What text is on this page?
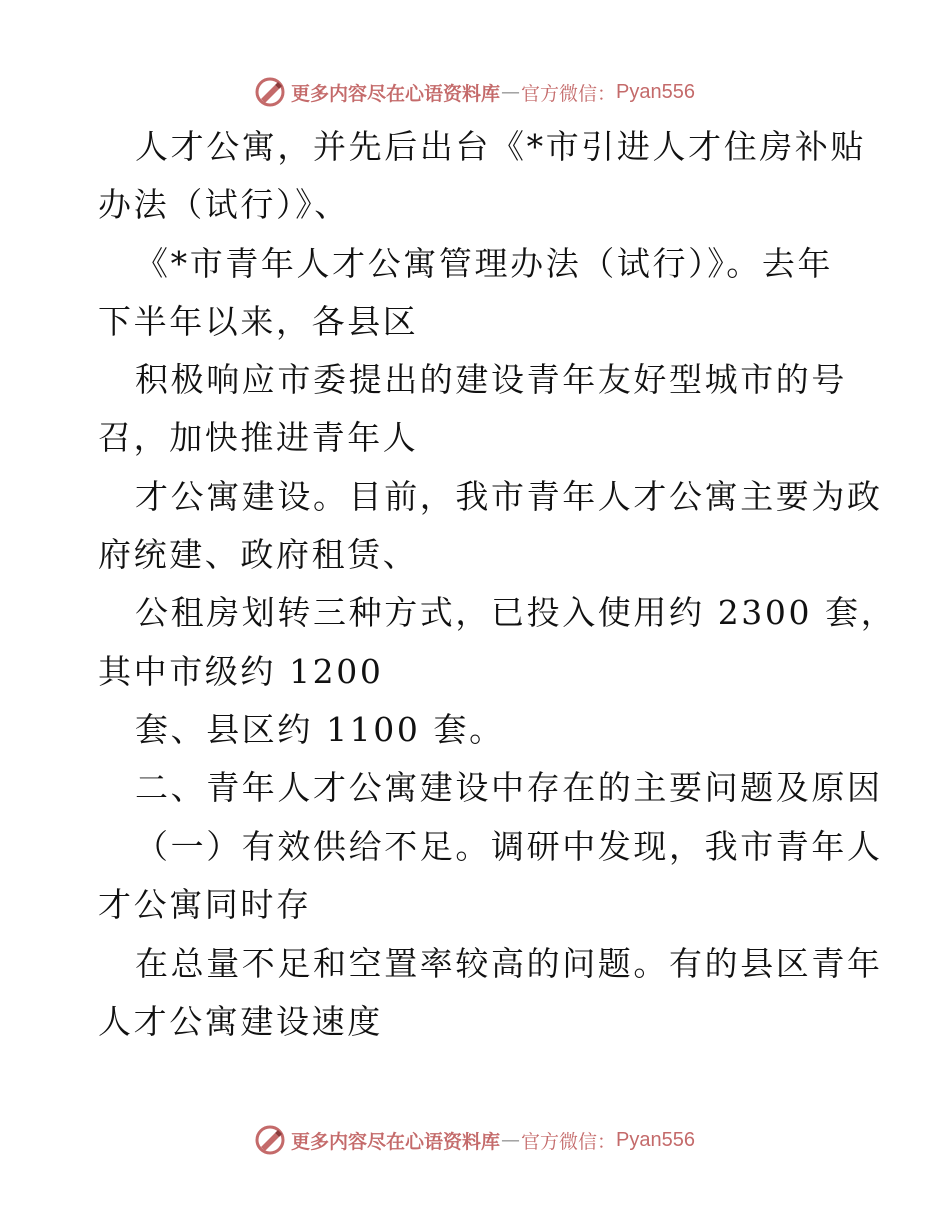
更多内容尽在心语资料库 — 官方微信： Pyan556
人才公寓，并先后出台《*市引进人才住房补贴
办法（试行）》、
《*市青年人才公寓管理办法（试行）》。去年
下半年以来，各县区
积极响应市委提出的建设青年友好型城市的号
召，加快推进青年人
才公寓建设。目前，我市青年人才公寓主要为政
府统建、政府租赁、
公租房划转三种方式，已投入使用约 2300 套，
其中市级约 1200
套、县区约 1100 套。
二、青年人才公寓建设中存在的主要问题及原因
（一）有效供给不足。调研中发现，我市青年人
才公寓同时存
在总量不足和空置率较高的问题。有的县区青年
人才公寓建设速度
更多内容尽在心语资料库 — 官方微信： Pyan556
